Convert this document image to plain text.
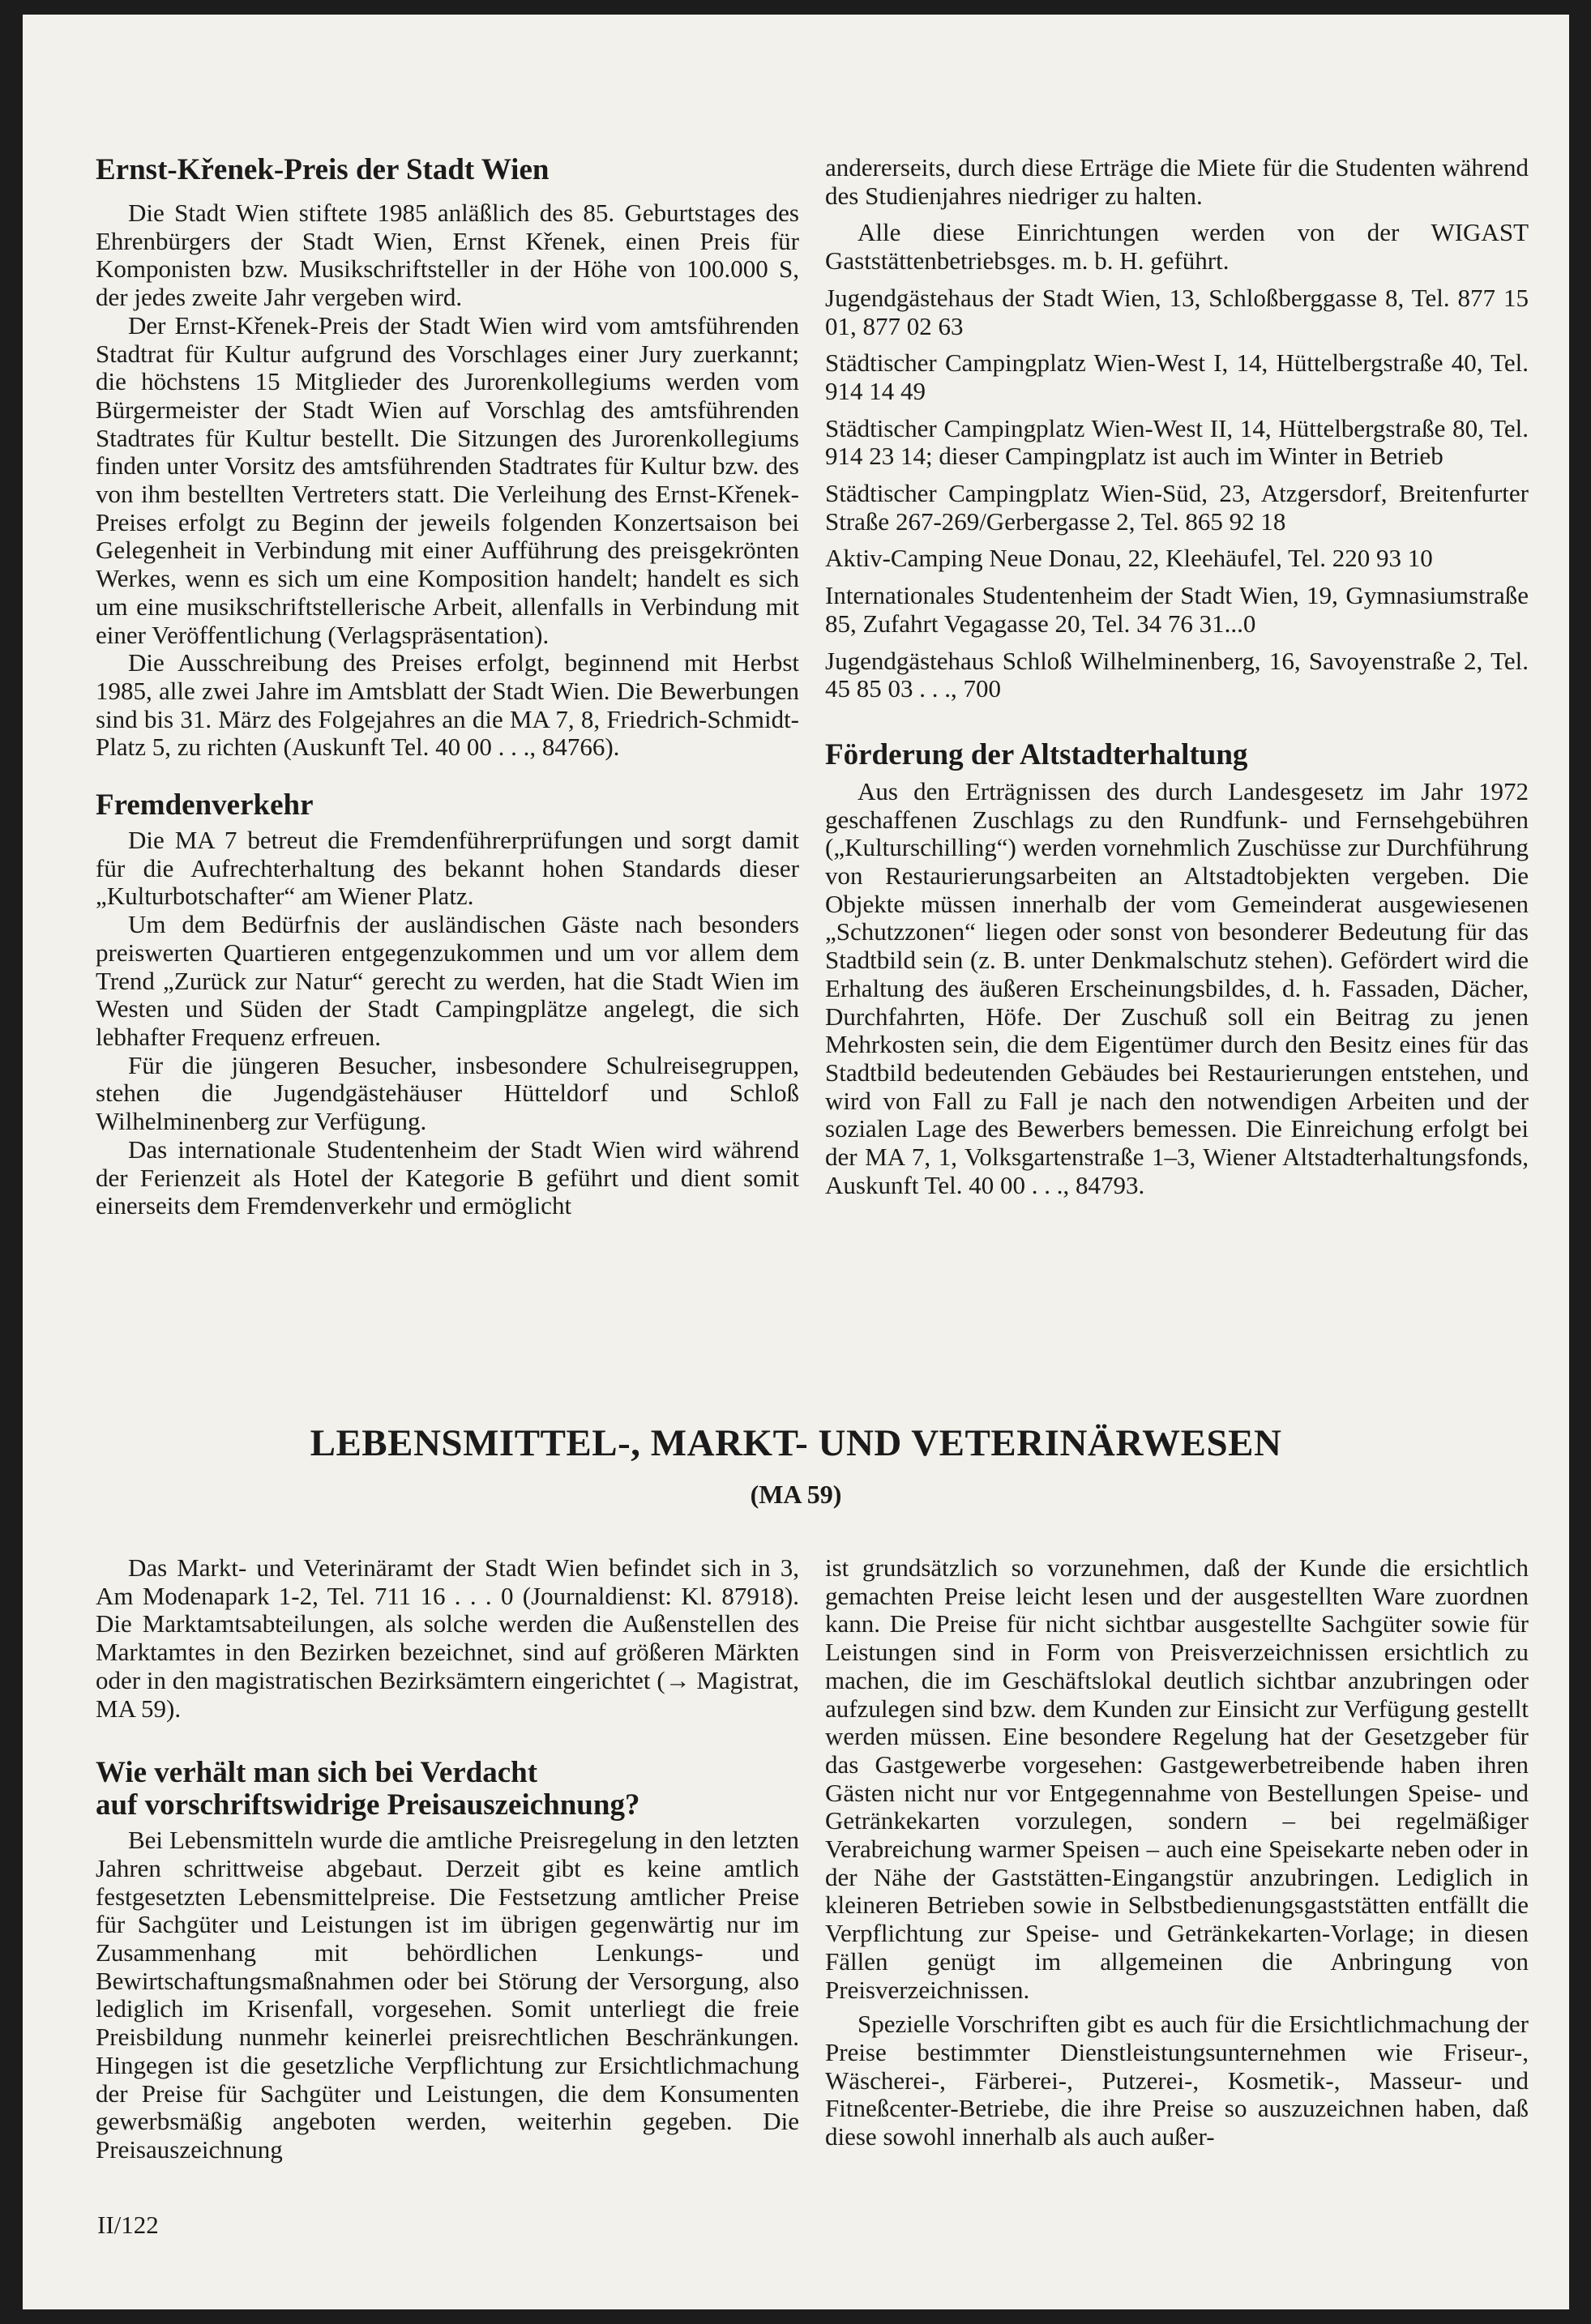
Ernst-Křenek-Preis der Stadt Wien

Die Stadt Wien stiftete 1985 anläßlich des 85. Geburtstages des Ehrenbürgers der Stadt Wien, Ernst Křenek, einen Preis für Komponisten bzw. Musikschriftsteller in der Höhe von 100.000 S, der jedes zweite Jahr vergeben wird.

Der Ernst-Křenek-Preis der Stadt Wien wird vom amtsführenden Stadtrat für Kultur aufgrund des Vorschlages einer Jury zuerkannt; die höchstens 15 Mitglieder des Jurorenkollegiums werden vom Bürgermeister der Stadt Wien auf Vorschlag des amtsführenden Stadtrates für Kultur bestellt. Die Sitzungen des Jurorenkollegiums finden unter Vorsitz des amtsführenden Stadtrates für Kultur bzw. des von ihm bestellten Vertreters statt. Die Verleihung des Ernst-Křenek-Preises erfolgt zu Beginn der jeweils folgenden Konzertsaison bei Gelegenheit in Verbindung mit einer Aufführung des preisgekrönten Werkes, wenn es sich um eine Komposition handelt; handelt es sich um eine musikschriftstellerische Arbeit, allenfalls in Verbindung mit einer Veröffentlichung (Verlagspräsentation).

Die Ausschreibung des Preises erfolgt, beginnend mit Herbst 1985, alle zwei Jahre im Amtsblatt der Stadt Wien. Die Bewerbungen sind bis 31. März des Folgejahres an die MA 7, 8, Friedrich-Schmidt-Platz 5, zu richten (Auskunft Tel. 40 00 . . ., 84766).

Fremdenverkehr

Die MA 7 betreut die Fremdenführerprüfungen und sorgt damit für die Aufrechterhaltung des bekannt hohen Standards dieser „Kulturbotschafter“ am Wiener Platz.

Um dem Bedürfnis der ausländischen Gäste nach besonders preiswerten Quartieren entgegenzukommen und um vor allem dem Trend „Zurück zur Natur“ gerecht zu werden, hat die Stadt Wien im Westen und Süden der Stadt Campingplätze angelegt, die sich lebhafter Frequenz erfreuen.

Für die jüngeren Besucher, insbesondere Schulreisegruppen, stehen die Jugendgästehäuser Hütteldorf und Schloß Wilhelminenberg zur Verfügung.

Das internationale Studentenheim der Stadt Wien wird während der Ferienzeit als Hotel der Kategorie B geführt und dient somit einerseits dem Fremdenverkehr und ermöglicht

andererseits, durch diese Erträge die Miete für die Studenten während des Studienjahres niedriger zu halten.

Alle diese Einrichtungen werden von der WIGAST Gaststättenbetriebsges. m. b. H. geführt.

Jugendgästehaus der Stadt Wien, 13, Schloßberggasse 8, Tel. 877 15 01, 877 02 63

Städtischer Campingplatz Wien-West I, 14, Hüttelbergstraße 40, Tel. 914 14 49

Städtischer Campingplatz Wien-West II, 14, Hüttelbergstraße 80, Tel. 914 23 14; dieser Campingplatz ist auch im Winter in Betrieb

Städtischer Campingplatz Wien-Süd, 23, Atzgersdorf, Breitenfurter Straße 267-269/Gerbergasse 2, Tel. 865 92 18

Aktiv-Camping Neue Donau, 22, Kleehäufel, Tel. 220 93 10

Internationales Studentenheim der Stadt Wien, 19, Gymnasiumstraße 85, Zufahrt Vegagasse 20, Tel. 34 76 31...0

Jugendgästehaus Schloß Wilhelminenberg, 16, Savoyenstraße 2, Tel. 45 85 03 . . ., 700

Förderung der Altstadterhaltung

Aus den Erträgnissen des durch Landesgesetz im Jahr 1972 geschaffenen Zuschlags zu den Rundfunk- und Fernsehgebühren („Kulturschilling“) werden vornehmlich Zuschüsse zur Durchführung von Restaurierungsarbeiten an Altstadtobjekten vergeben. Die Objekte müssen innerhalb der vom Gemeinderat ausgewiesenen „Schutzzonen“ liegen oder sonst von besonderer Bedeutung für das Stadtbild sein (z. B. unter Denkmalschutz stehen). Gefördert wird die Erhaltung des äußeren Erscheinungsbildes, d. h. Fassaden, Dächer, Durchfahrten, Höfe. Der Zuschuß soll ein Beitrag zu jenen Mehrkosten sein, die dem Eigentümer durch den Besitz eines für das Stadtbild bedeutenden Gebäudes bei Restaurierungen entstehen, und wird von Fall zu Fall je nach den notwendigen Arbeiten und der sozialen Lage des Bewerbers bemessen. Die Einreichung erfolgt bei der MA 7, 1, Volksgartenstraße 1–3, Wiener Altstadterhaltungsfonds, Auskunft Tel. 40 00 . . ., 84793.

LEBENSMITTEL-, MARKT- UND VETERINÄRWESEN
(MA 59)

Das Markt- und Veterinäramt der Stadt Wien befindet sich in 3, Am Modenapark 1-2, Tel. 711 16 . . . 0 (Journaldienst: Kl. 87918). Die Marktamtsabteilungen, als solche werden die Außenstellen des Marktamtes in den Bezirken bezeichnet, sind auf größeren Märkten oder in den magistratischen Bezirksämtern eingerichtet (→ Magistrat, MA 59).

Wie verhält man sich bei Verdacht
auf vorschriftswidrige Preisauszeichnung?

Bei Lebensmitteln wurde die amtliche Preisregelung in den letzten Jahren schrittweise abgebaut. Derzeit gibt es keine amtlich festgesetzten Lebensmittelpreise. Die Festsetzung amtlicher Preise für Sachgüter und Leistungen ist im übrigen gegenwärtig nur im Zusammenhang mit behördlichen Lenkungs- und Bewirtschaftungsmaßnahmen oder bei Störung der Versorgung, also lediglich im Krisenfall, vorgesehen. Somit unterliegt die freie Preisbildung nunmehr keinerlei preisrechtlichen Beschränkungen. Hingegen ist die gesetzliche Verpflichtung zur Ersichtlichmachung der Preise für Sachgüter und Leistungen, die dem Konsumenten gewerbsmäßig angeboten werden, weiterhin gegeben. Die Preisauszeichnung

ist grundsätzlich so vorzunehmen, daß der Kunde die ersichtlich gemachten Preise leicht lesen und der ausgestellten Ware zuordnen kann. Die Preise für nicht sichtbar ausgestellte Sachgüter sowie für Leistungen sind in Form von Preisverzeichnissen ersichtlich zu machen, die im Geschäftslokal deutlich sichtbar anzubringen oder aufzulegen sind bzw. dem Kunden zur Einsicht zur Verfügung gestellt werden müssen. Eine besondere Regelung hat der Gesetzgeber für das Gastgewerbe vorgesehen: Gastgewerbetreibende haben ihren Gästen nicht nur vor Entgegennahme von Bestellungen Speise- und Getränkekarten vorzulegen, sondern – bei regelmäßiger Verabreichung warmer Speisen – auch eine Speisekarte neben oder in der Nähe der Gaststätten-Eingangstür anzubringen. Lediglich in kleineren Betrieben sowie in Selbstbedienungsgaststätten entfällt die Verpflichtung zur Speise- und Getränkekarten-Vorlage; in diesen Fällen genügt im allgemeinen die Anbringung von Preisverzeichnissen.

Spezielle Vorschriften gibt es auch für die Ersichtlichmachung der Preise bestimmter Dienstleistungsunternehmen wie Friseur-, Wäscherei-, Färberei-, Putzerei-, Kosmetik-, Masseur- und Fitneßcenter-Betriebe, die ihre Preise so auszuzeichnen haben, daß diese sowohl innerhalb als auch außer-

II/122
